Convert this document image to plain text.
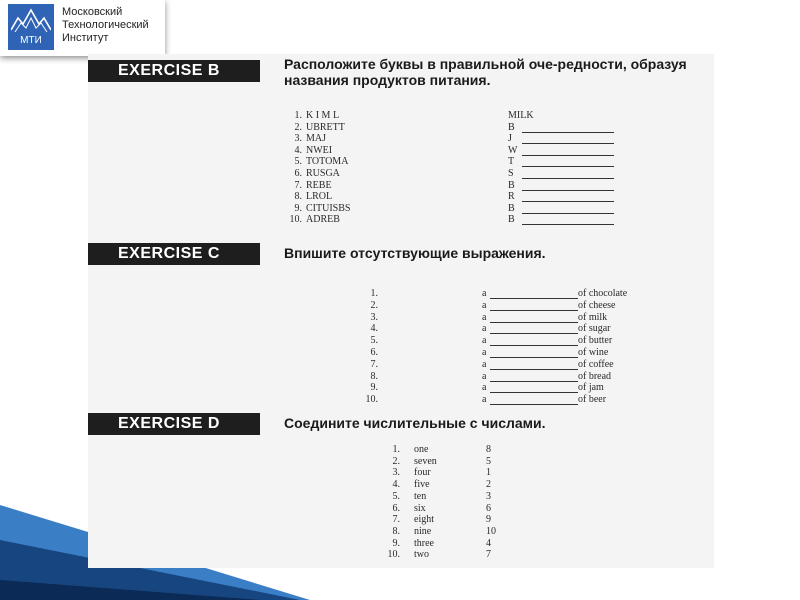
МТИ
Московский
Технологический
Институт
EXERCISE B	Расположите буквы в правильной оче-редности, образуя названия продуктов питания.
1. K I M L	MILK
2. UBRETT	B
3. MAJ	J
4. NWEI	W
5. TOTOMA	T
6. RUSGA	S
7. REBE	B
8. LROL	R
9. CITUISBS	B
10. ADREB	B
EXERCISE C	Впишите отсутствующие выражения.
1.	a	of chocolate
2.	a	of cheese
3.	a	of milk
4.	a	of sugar
5.	a	of butter
6.	a	of wine
7.	a	of coffee
8.	a	of bread
9.	a	of jam
10.	a	of beer
EXERCISE D	Соедините числительные с числами.
1. one	8
2. seven	5
3. four	1
4. five	2
5. ten	3
6. six	6
7. eight	9
8. nine	10
9. three	4
10. two	7
